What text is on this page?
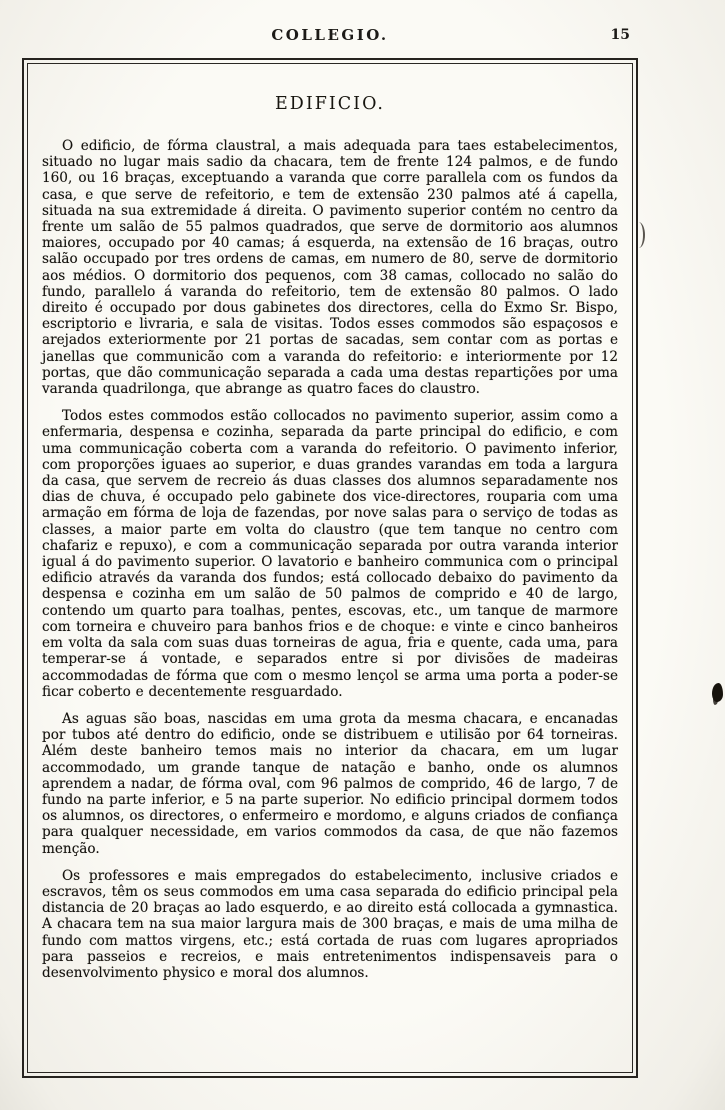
COLLEGIO.	15
EDIFICIO.

O edificio, de fórma claustral, a mais adequada para taes estabelecimentos, situado no lugar mais sadio da chacara, tem de frente 124 palmos, e de fundo 160, ou 16 braças, exceptuando a varanda que corre parallela com os fundos da casa, e que serve de refeitorio, e tem de extensão 230 palmos até á capella, situada na sua extremidade á direita. O pavimento superior contém no centro da frente um salão de 55 palmos quadrados, que serve de dormitorio aos alumnos maiores, occupado por 40 camas; á esquerda, na extensão de 16 braças, outro salão occupado por tres ordens de camas, em numero de 80, serve de dormitorio aos médios. O dormitorio dos pequenos, com 38 camas, collocado no salão do fundo, parallelo á varanda do refeitorio, tem de extensão 80 palmos. O lado direito é occupado por dous gabinetes dos directores, cella do Exmo Sr. Bispo, escriptorio e livraria, e sala de visitas. Todos esses commodos são espaçosos e arejados exteriormente por 21 portas de sacadas, sem contar com as portas e janellas que communicão com a varanda do refeitorio: e interiormente por 12 portas, que dão communicação separada a cada uma destas repartições por uma varanda quadrilonga, que abrange as quatro faces do claustro.

Todos estes commodos estão collocados no pavimento superior, assim como a enfermaria, despensa e cozinha, separada da parte principal do edificio, e com uma communicação coberta com a varanda do refeitorio. O pavimento inferior, com proporções iguaes ao superior, e duas grandes varandas em toda a largura da casa, que servem de recreio ás duas classes dos alumnos separadamente nos dias de chuva, é occupado pelo gabinete dos vice-directores, rouparia com uma armação em fórma de loja de fazendas, por nove salas para o serviço de todas as classes, a maior parte em volta do claustro (que tem tanque no centro com chafariz e repuxo), e com a communicação separada por outra varanda interior igual á do pavimento superior. O lavatorio e banheiro communica com o principal edificio através da varanda dos fundos; está collocado debaixo do pavimento da despensa e cozinha em um salão de 50 palmos de comprido e 40 de largo, contendo um quarto para toalhas, pentes, escovas, etc., um tanque de marmore com torneira e chuveiro para banhos frios e de choque: e vinte e cinco banheiros em volta da sala com suas duas torneiras de agua, fria e quente, cada uma, para temperar-se á vontade, e separados entre si por divisões de madeiras accommodadas de fórma que com o mesmo lençol se arma uma porta a poder-se ficar coberto e decentemente resguardado.

As aguas são boas, nascidas em uma grota da mesma chacara, e encanadas por tubos até dentro do edificio, onde se distribuem e utilisão por 64 torneiras. Além deste banheiro temos mais no interior da chacara, em um lugar accommodado, um grande tanque de natação e banho, onde os alumnos aprendem a nadar, de fórma oval, com 96 palmos de comprido, 46 de largo, 7 de fundo na parte inferior, e 5 na parte superior. No edificio principal dormem todos os alumnos, os directores, o enfermeiro e mordomo, e alguns criados de confiança para qualquer necessidade, em varios commodos da casa, de que não fazemos menção.

Os professores e mais empregados do estabelecimento, inclusive criados e escravos, têm os seus commodos em uma casa separada do edificio principal pela distancia de 20 braças ao lado esquerdo, e ao direito está collocada a gymnastica. A chacara tem na sua maior largura mais de 300 braças, e mais de uma milha de fundo com mattos virgens, etc.; está cortada de ruas com lugares apropriados para passeios e recreios, e mais entretenimentos indispensaveis para o desenvolvimento physico e moral dos alumnos.
